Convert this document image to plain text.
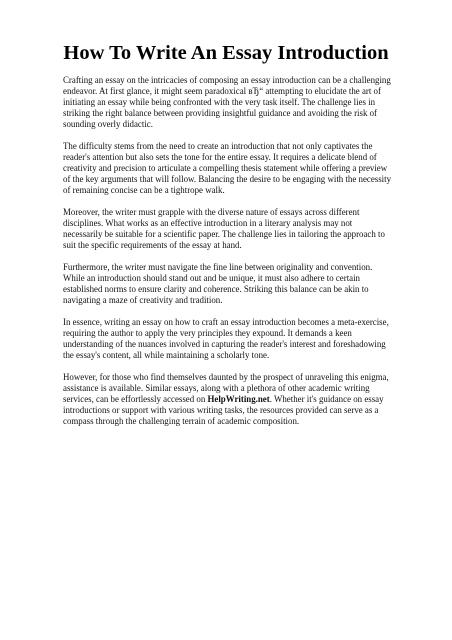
How To Write An Essay Introduction

Crafting an essay on the intricacies of composing an essay introduction can be a challenging endeavor. At first glance, it might seem paradoxical вЂ“ attempting to elucidate the art of initiating an essay while being confronted with the very task itself. The challenge lies in striking the right balance between providing insightful guidance and avoiding the risk of sounding overly didactic.

The difficulty stems from the need to create an introduction that not only captivates the reader's attention but also sets the tone for the entire essay. It requires a delicate blend of creativity and precision to articulate a compelling thesis statement while offering a preview of the key arguments that will follow. Balancing the desire to be engaging with the necessity of remaining concise can be a tightrope walk.

Moreover, the writer must grapple with the diverse nature of essays across different disciplines. What works as an effective introduction in a literary analysis may not necessarily be suitable for a scientific paper. The challenge lies in tailoring the approach to suit the specific requirements of the essay at hand.

Furthermore, the writer must navigate the fine line between originality and convention. While an introduction should stand out and be unique, it must also adhere to certain established norms to ensure clarity and coherence. Striking this balance can be akin to navigating a maze of creativity and tradition.

In essence, writing an essay on how to craft an essay introduction becomes a meta-exercise, requiring the author to apply the very principles they expound. It demands a keen understanding of the nuances involved in capturing the reader's interest and foreshadowing the essay's content, all while maintaining a scholarly tone.

However, for those who find themselves daunted by the prospect of unraveling this enigma, assistance is available. Similar essays, along with a plethora of other academic writing services, can be effortlessly accessed on HelpWriting.net. Whether it's guidance on essay introductions or support with various writing tasks, the resources provided can serve as a compass through the challenging terrain of academic composition.
